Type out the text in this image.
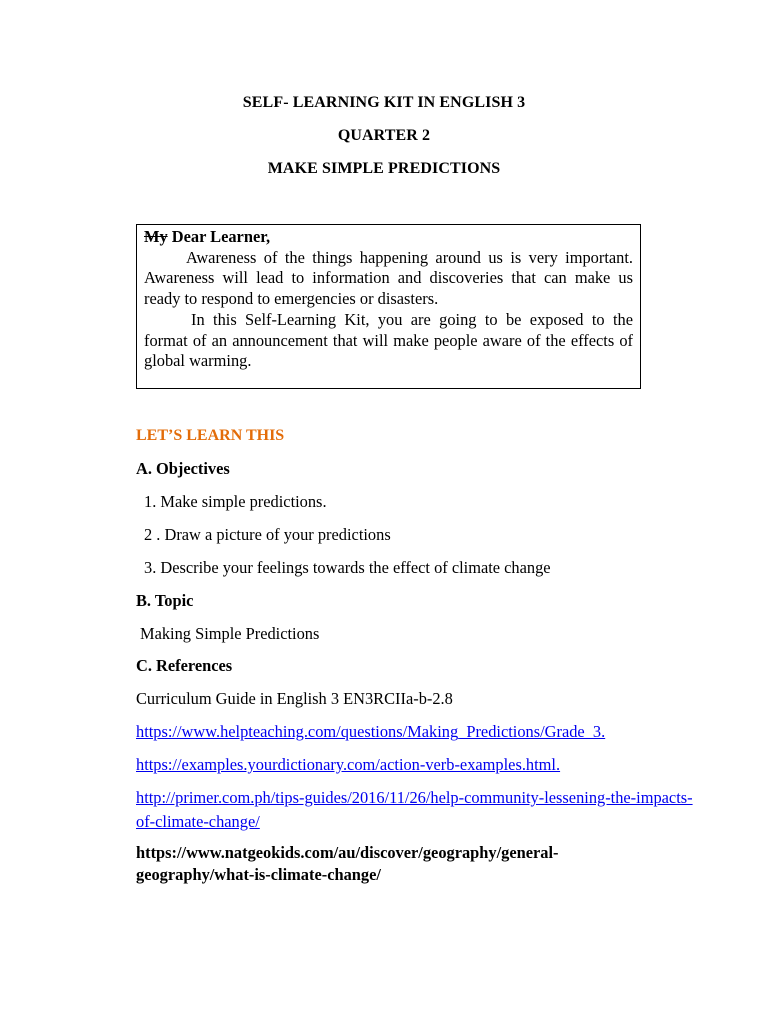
SELF- LEARNING KIT IN ENGLISH 3
QUARTER 2
MAKE SIMPLE PREDICTIONS
My Dear Learner,

Awareness of the things happening around us is very important. Awareness will lead to information and discoveries that can make us ready to respond to emergencies or disasters.

In this Self-Learning Kit, you are going to be exposed to the format of an announcement that will make people aware of the effects of global warming.

LET’S LEARN THIS
A. Objectives
1. Make simple predictions.
2 . Draw a picture of your predictions
3. Describe your feelings towards the effect of climate change
B. Topic
Making Simple Predictions
C. References
Curriculum Guide in English 3 EN3RCIIa-b-2.8
https://www.helpteaching.com/questions/Making_Predictions/Grade_3.
https://examples.yourdictionary.com/action-verb-examples.html.
http://primer.com.ph/tips-guides/2016/11/26/help-community-lessening-the-impacts-of-climate-change/
https://www.natgeokids.com/au/discover/geography/general-geography/what-is-climate-change/
